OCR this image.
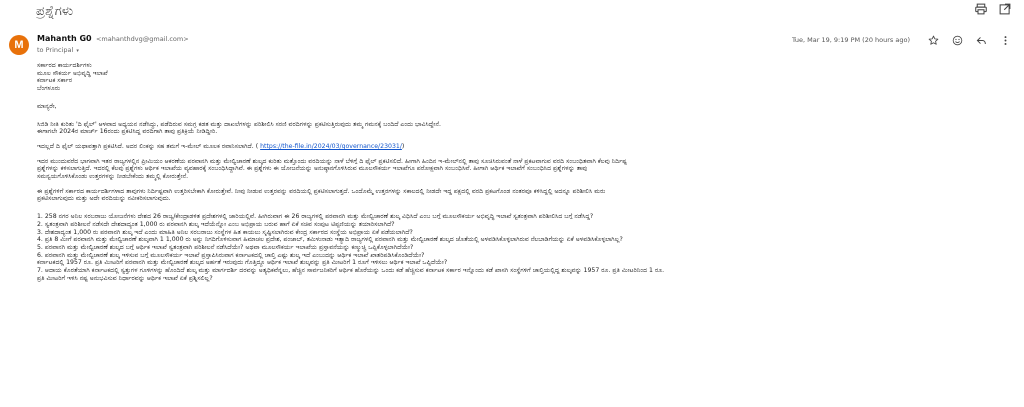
ಪ್ರಶ್ನೆಗಳು
M
Mahanth G0 <mahanthdvg@gmail.com>
to Principal ▾
Tue, Mar 19, 9:19 PM (20 hours ago)

ಸರ್ಕಾರದ ಕಾರ್ಯದರ್ಶಿಗಳು

ಮೂಲ ಸೌಕರ್ಯ ಅಭಿವೃದ್ಧಿ ಇಲಾಖೆ

ಕರ್ನಾಟಕ ಸರ್ಕಾರ

ಬೆಂಗಳೂರು

ಮಾನ್ಯರೇ,

ಸಿಜಿಡಿ ನೀತಿ ಕುರಿತು 'ದಿ ಫೈಲ್' ಆಳವಾದ ಅಧ್ಯಯನ ನಡೆಸಿದ್ದು, ಪಡೆದಿರುವ ಸಮಗ್ರ ಕಡತ ಮತ್ತು ದಾಖಲೆಗಳನ್ನು ಪರಿಶೀಲಿಸಿ ಸರಣಿ ವರದಿಗಳನ್ನು ಪ್ರಕಟಿಸುತ್ತಿರುವುದು ತಮ್ಮ ಗಮನಕ್ಕೆ ಬಂದಿದೆ ಎಂದು ಭಾವಿಸಿದ್ದೇನೆ.
ಈಗಾಗಲೇ 2024ರ ಮಾರ್ಚ್ 16ರಂದು ಪ್ರಕಟಿಸಿದ್ದ ವರದಿಗಾಗಿ ತಾವು ಪ್ರತಿಕ್ರಿಯೆ ನೀಡಿದ್ದೀರಿ.

ಇದಲ್ಲದೆ ದಿ ಫೈಲ್ ಯಥಾವತ್ತಾಗಿ ಪ್ರಕಟಿಸಿದೆ. ಅದರ ಲಿಂಕನ್ನು ಸಹ ತಮಗೆ ಇ-ಮೇಲ್ ಮೂಲಕ ರವಾನಿಸಲಾಗಿದೆ. ( https://the-file.in/2024/03/governance/23031/)

ಇದರ ಮುಂದುವರೆದ ಭಾಗವಾಗಿ ಇತರ ರಾಜ್ಯಗಳಲ್ಲಿನ ಪ್ರೀಮಿಯಂ ಆಕರಣೆಯ ಪರವಾನಗಿ ಮತ್ತು ಮೇಲ್ವಿಚಾರಣೆ ಶುಲ್ಕದ ಕುರಿತು ಮತ್ತೊಂದು ವರದಿಯನ್ನು ನಾಳೆ ಬೆಳಿಗ್ಗೆ ದಿ ಫೈಲ್ ಪ್ರಕಟಿಸಲಿದೆ. ಹೀಗಾಗಿ ಹಿಂದಿನ ಇ-ಮೇಲ್‌ನಲ್ಲಿ ತಾವು ಸೂಚಿಸಿರುವಂತೆ ನಾಳೆ ಪ್ರಕಟವಾಗುವ ವರದಿ ಸಂಬಂಧಿತವಾಗಿ ಕೆಲವು ನಿರ್ದಿಷ್ಟ
ಪ್ರಶ್ನೆಗಳನ್ನು ಕಳಿಸಲಾಗುತ್ತಿದೆ. ಇದರಲ್ಲಿ ಕೆಲವು ಪ್ರಶ್ನೆಗಳು ಆರ್ಥಿಕ ಇಲಾಖೆಯ ವ್ಯವಹಾರಕ್ಕೆ ಸಂಬಂಧಿಸಿದ್ದಾಗಿವೆ. ಈ ಪ್ರಶ್ನೆಗಳು ಈ ಯೋಜನೆಯನ್ನು ಅನುಷ್ಠಾನಗೊಳಿಸಿರುವ ಮೂಲಸೌಕರ್ಯ ಇಲಾಖೆಗೂ ಪರೋಕ್ಷವಾಗಿ ಸಂಬಂಧಿಸಿವೆ. ಹೀಗಾಗಿ ಆರ್ಥಿಕ ಇಲಾಖೆಗೆ ಸಂಬಂಧಿಸಿದ ಪ್ರಶ್ನೆಗಳನ್ನು ತಾವು
ಸಮನ್ವಯಗೊಳಿಸಿಕೊಂಡು ಉತ್ತರಗಳನ್ನು ನೀಡಬೇಕೆಂದು ತಮ್ಮಲ್ಲಿ ಕೋರುತ್ತೇನೆ.

ಈ ಪ್ರಶ್ನೆಗಳಿಗೆ ಸರ್ಕಾರದ ಕಾರ್ಯದರ್ಶಿಗಳಾದ ತಾವುಗಳು ನಿರ್ದಿಷ್ಟವಾಗಿ ಉತ್ತರಿಸಬೇಕಾಗಿ ಕೋರುತ್ತೇವೆ. ನೀವು ನೀಡುವ ಉತ್ತರವನ್ನು ವರದಿಯಲ್ಲಿ ಪ್ರಕಟಿಸಲಾಗುತ್ತದೆ. ಒಂದೊಮ್ಮೆ ಉತ್ತರಗಳನ್ನು ಸಕಾಲದಲ್ಲಿ ನೀಡದೇ ಇದ್ದ ಪಕ್ಷದಲ್ಲಿ ವರದಿ ಪ್ರಕಟಗೊಂಡ ನಂತರವೂ ಕಳಿಸಿದ್ದಲ್ಲಿ ಅದನ್ನೂ ಪರಿಶೀಲಿಸಿ ಮರು
ಪ್ರಕಟಿಸಲಾಗುವುದು ಮತ್ತು ಅದೇ ವರದಿಯನ್ನು ನವೀಕರಿಸಲಾಗುವುದು.

1. 258 ನಗರ ಅನಿಲ ಸರಬರಾಜು ಯೋಜನೆಗಳು ದೇಶದ 26 ರಾಜ್ಯ/ಕೇಂದ್ರಾಡಳಿತ ಪ್ರದೇಶಗಳಲ್ಲಿ ಜಾರಿಯಲ್ಲಿವೆ. ಹೀಗಿರುವಾಗ ಈ 26 ರಾಜ್ಯಗಳಲ್ಲಿ ಪರವಾನಗಿ ಮತ್ತು ಮೇಲ್ವಿಚಾರಣೆ ಶುಲ್ಕ ವಿಧಿಸಿದೆ ಎಂಬ ಬಗ್ಗೆ ಮೂಲಸೌಕರ್ಯ ಅಭಿವೃದ್ಧಿ ಇಲಾಖೆ ಸ್ವತಂತ್ರವಾಗಿ ಪರಿಶೀಲಿಸಿದ ಬಗ್ಗೆ ನಡೆಸಿದ್ದ?

2. ಸ್ವತಂತ್ರವಾಗಿ ಪರಿಶೀಲನೆ ನಡೆಸದೇ ದೇಶದಾದ್ಯಂತ 1,000 ರು ಪರವಾನಗಿ ಶುಲ್ಕ ಇದೆಯೆನ್ನೋ ಎಂಬ ಅಭಿಪ್ರಾಯ ಬರುವ ಹಾಗೆ ಏಕೆ ಸಚಿವ ಸಂಪುಟ ಟಿಪ್ಪಣಿಯನ್ನು ತಯಾರಿಸಲಾಗಿದೆ?

3. ದೇಶದಾದ್ಯಂತ 1,000 ರು ಪರವಾನಗಿ ಶುಲ್ಕ ಇದೆ ಎಂದು ಮಾಹಿತಿ ಅನಿಲ ಸರಬರಾಜು ಸಂಸ್ಥೆಗಳ ಹಿತ ಕಾಯಲು ಸೃಷ್ಟಿಸಲಾಗಿರುವ ಕೇಂದ್ರ ಸರ್ಕಾರದ ಸಂಸ್ಥೆಯ ಅಭಿಪ್ರಾಯ ಏಕೆ ಪಡೆಯಲಾಗಿದೆ?

4. ಪ್ರತಿ 8 ಮೀಗೆ ಪರವಾನಗಿ ಮತ್ತು ಮೇಲ್ವಿಚಾರಣೆ ಶುಲ್ಕವಾಗಿ 1 1,000 ರು ಅನ್ನು ನಿಗದಿಗೊಳಿಸುವಾಗ ಹಿಮಾಚಲ ಪ್ರದೇಶ, ಪಂಜಾಬ್, ತಮಿಳುನಾಡು ಇತ್ಯಾದಿ ರಾಜ್ಯಗಳಲ್ಲಿ ಪರವಾನಗಿ ಮತ್ತು ಮೇಲ್ವಿಚಾರಣೆ ಶುಲ್ಕದ ಜೊತೆಯಲ್ಲಿ ಅಳವಡಿಸಿಕೊಳ್ಳಲಾಗಿರುವ ನೆಲಬಾಡಿಗೆಯನ್ನು ಏಕೆ ಅಳವಡಿಸಿಕೊಳ್ಳಲಾಗಿಲ್ಲ?

5. ಪರವಾನಗಿ ಮತ್ತು ಮೇಲ್ವಿಚಾರಣೆ ಶುಲ್ಕದ ಬಗ್ಗೆ ಆರ್ಥಿಕ ಇಲಾಖೆ ಸ್ವತಂತ್ರವಾಗಿ ಪರಿಶೀಲನೆ ನಡೆಸಿದೆಯೇ? ಅಥವಾ ಮೂಲಸೌಕರ್ಯ ಇಲಾಖೆಯ ಪ್ರಸ್ತಾವನೆಯನ್ನು ಕಣ್ಮುಚ್ಚಿ ಒಪ್ಪಿಕೊಳ್ಳಲಾಗಿದೆಯೇ?

6. ಪರವಾನಗಿ ಮತ್ತು ಮೇಲ್ವಿಚಾರಣೆ ಶುಲ್ಕ ಇಳಿಸುವ ಬಗ್ಗೆ ಮೂಲಸೌಕರ್ಯ ಇಲಾಖೆ ಪ್ರಸ್ತಾಪಿಸಿರುವಾಗ ಕರ್ನಾಟಕದಲ್ಲಿ ಚಾಲ್ತಿ ಎಷ್ಟು ಶುಲ್ಕ ಇದೆ ಎಂಬುದನ್ನು ಆರ್ಥಿಕ ಇಲಾಖೆ ಖಾತರಿಪಡಿಸಿಕೊಂಡಿದೆಯೇ?
ಕರ್ನಾಟಕದಲ್ಲಿ 1957 ರೂ. ಪ್ರತಿ ಮೀಟರಿಗೆ ಪರವಾನಗಿ ಮತ್ತು ಮೇಲ್ವಿಚಾರಣೆ ಶುಲ್ಕದ ಅರ್ಹತೆ ಇರುವುದು ಗೊತ್ತಿದ್ದೂ ಆರ್ಥಿಕ ಇಲಾಖೆ ಶುಲ್ಕವನ್ನು ಪ್ರತಿ ಮೀಟರಿಗೆ 1 ರೂಗೆ ಇಳಿಸಲು ಆರ್ಥಿಕ ಇಲಾಖೆ ಒಪ್ಪಿದೆಯೇ?

7. ಆದಾಯ ಕೊರತೆಯಾಗಿ ಕರ್ನಾಟಕದಲ್ಲಿ ಸ್ವತ್ತುಗಳ ಗೂಳಿಗಳನ್ನು ಹೊಂದಿದೆ ಶುಲ್ಕ ಮತ್ತು ಮಾರ್ಗದರ್ಶಿ ದರವನ್ನು ಅತ್ಯಧಿಕವೆನ್ನಲು, ಹೆಚ್ಚಿನ ಸಾರ್ವಜನಿಕರಿಗೆ ಆರ್ಥಿಕ ಹೊರೆಯನ್ನು ಒಂದು ಕಡೆ ಹೆಚ್ಚಿಸುವ ಕರ್ನಾಟಕ ಸರ್ಕಾರ ಇನ್ನೊಂದು ಕಡೆ ಖಾಸಗಿ ಸಂಸ್ಥೆಗಳಿಗೆ ಚಾಲ್ತಿಯಲ್ಲಿದ್ದ ಶುಲ್ಕವನ್ನು 1957 ರೂ. ಪ್ರತಿ ಮೀಟರಿನಿಂದ 1 ರೂ.
ಪ್ರತಿ ಮೀಟರಿಗೆ ಇಳಿಸಿ ನಷ್ಟ ಅನುಭವಿಸುವ ನಿರ್ಧಾರವನ್ನು ಆರ್ಥಿಕ ಇಲಾಖೆ ಏಕೆ ಪ್ರಶ್ನಿಸಲಿಲ್ಲ?
